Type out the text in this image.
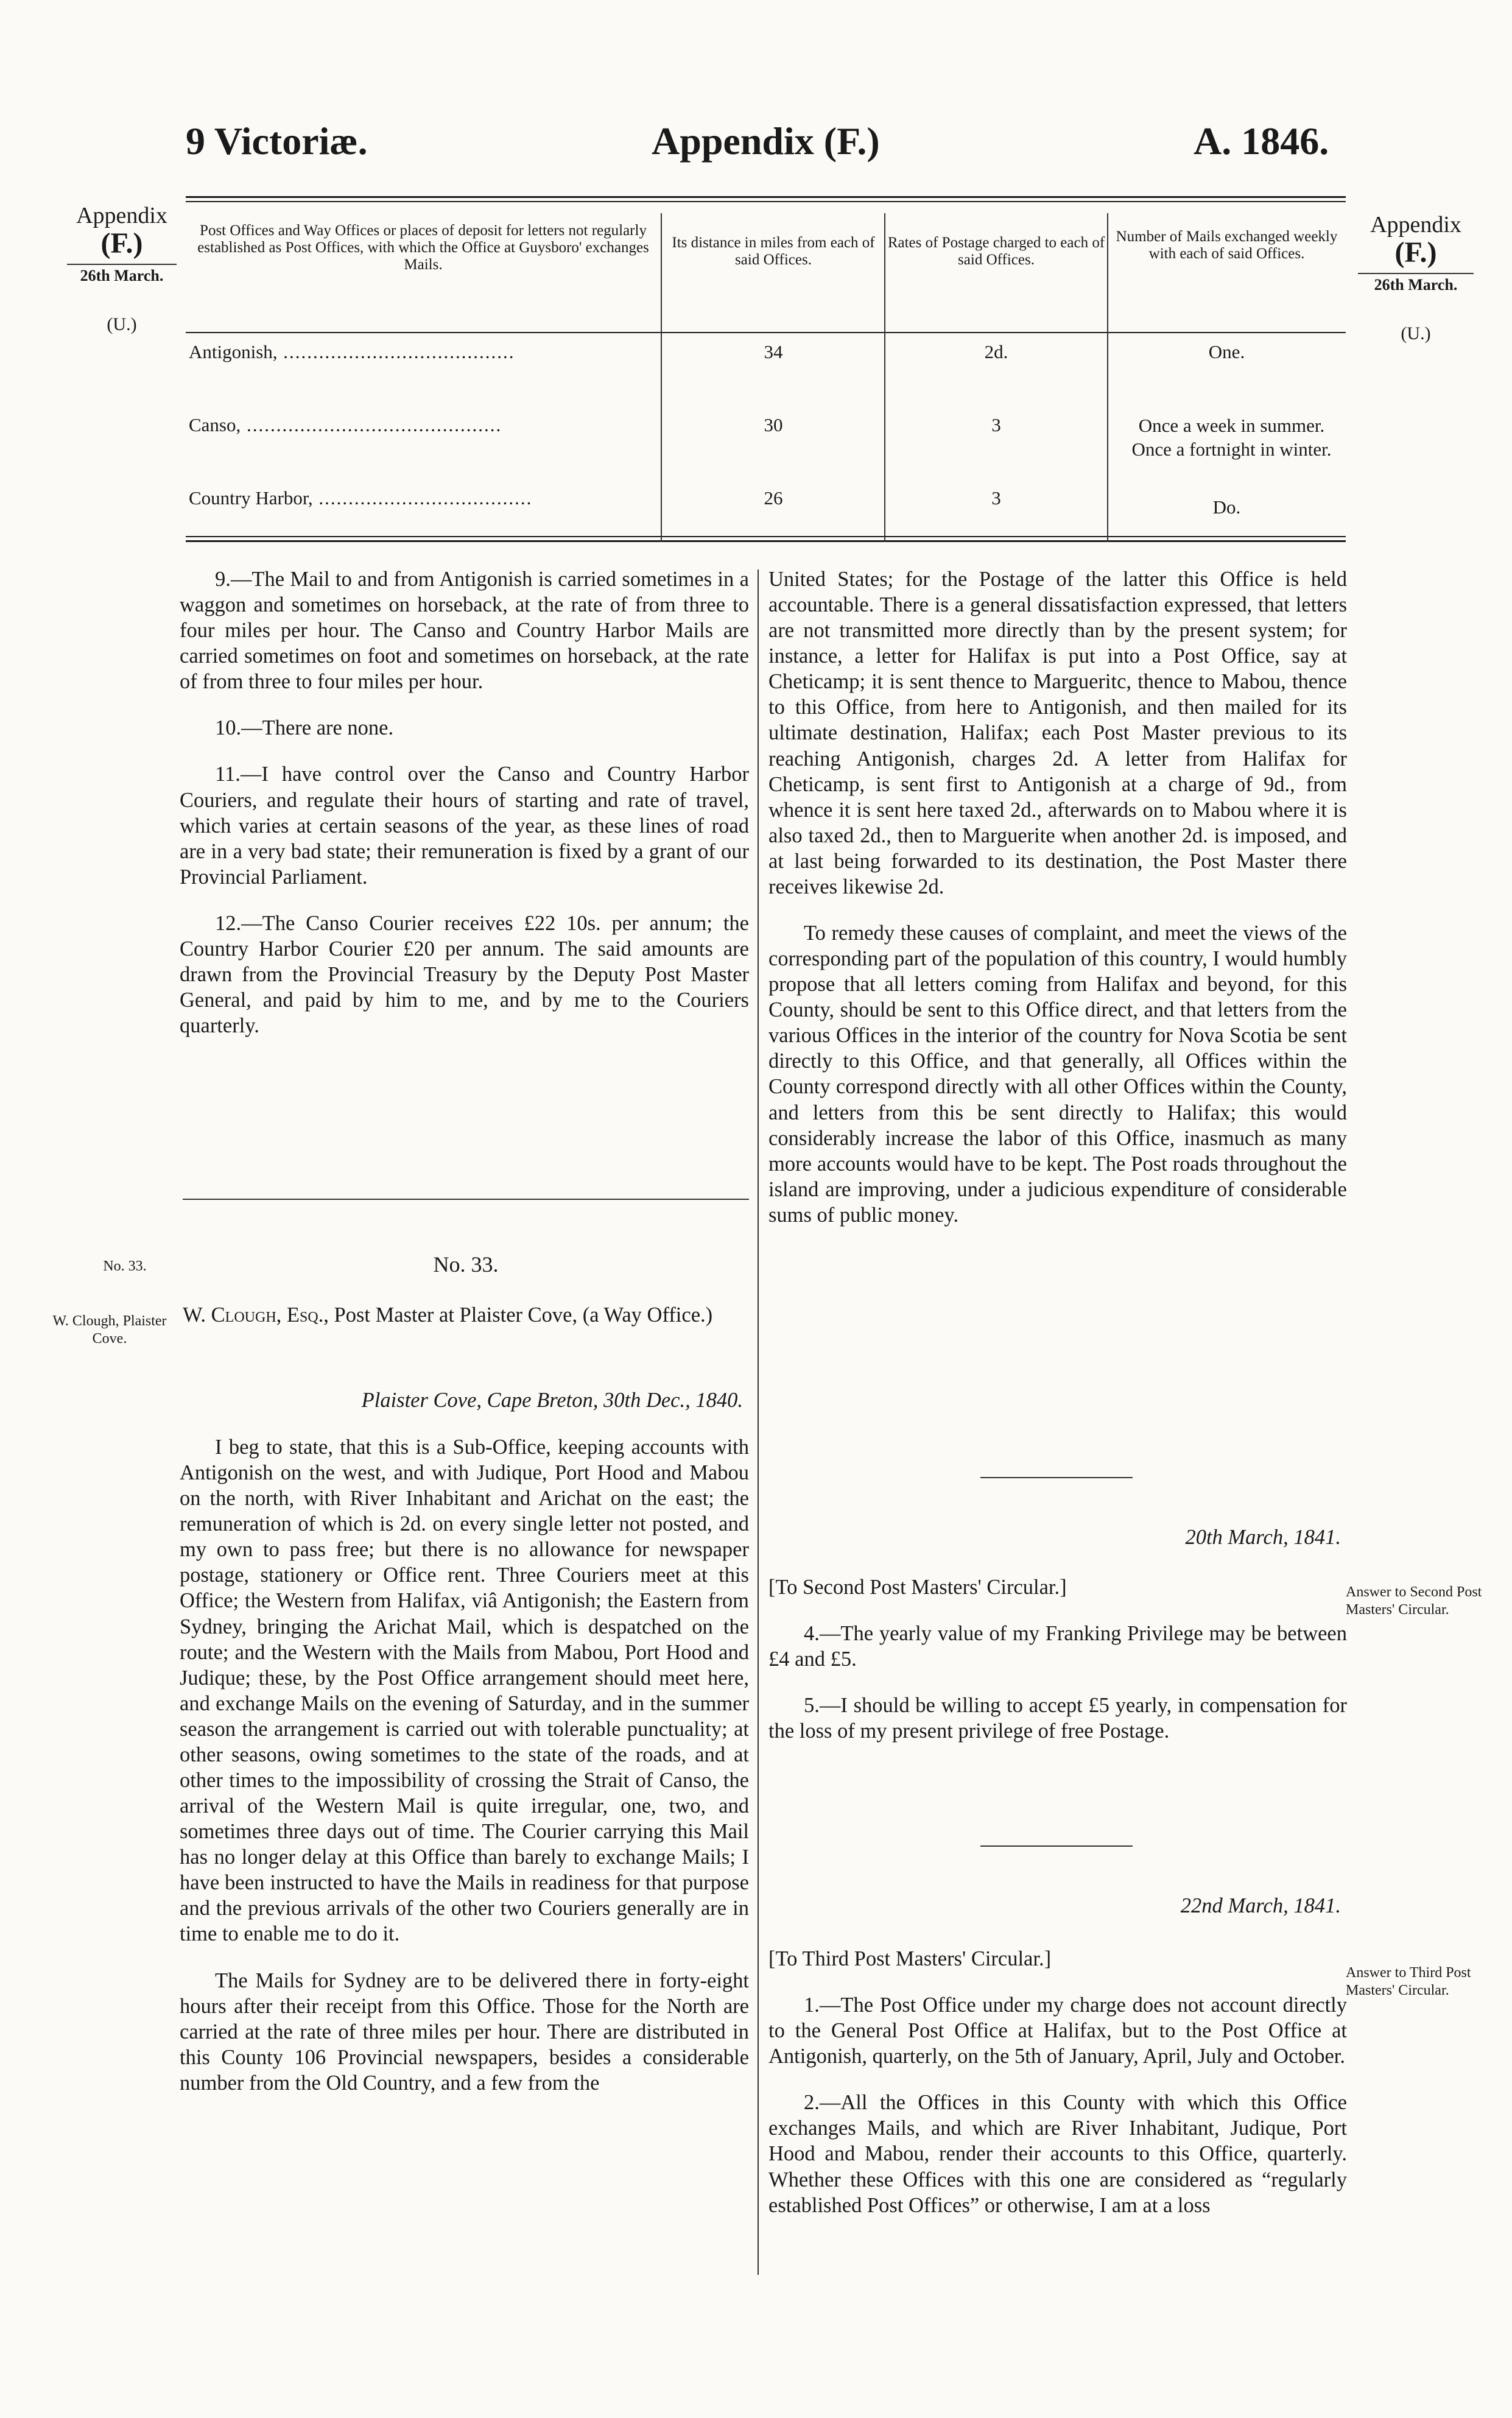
9 Victoriæ.	Appendix (F.)	A. 1846.
Appendix
(F.)
26th March.
(U.)
Appendix
(F.)
26th March.
(U.)
Post Offices and Way Offices or places of deposit for letters not regularly established as Post Offices, with which the Office at Guysboro' exchanges Mails.
Its distance in miles from each of said Offices.
Rates of Postage charged to each of said Offices.
Number of Mails exchanged weekly with each of said Offices.
Antigonish, .......................................	34	2d.	One.
Canso, ...........................................	30	3	Once a week in summer. Once a fortnight in winter.
Country Harbor, ....................................	26	3	Do.

9.—The Mail to and from Antigonish is carried sometimes in a waggon and sometimes on horseback, at the rate of from three to four miles per hour. The Canso and Country Harbor Mails are carried sometimes on foot and sometimes on horseback, at the rate of from three to four miles per hour.

10.—There are none.

11.—I have control over the Canso and Country Harbor Couriers, and regulate their hours of starting and rate of travel, which varies at certain seasons of the year, as these lines of road are in a very bad state; their remuneration is fixed by a grant of our Provincial Parliament.

12.—The Canso Courier receives £22 10s. per annum; the Country Harbor Courier £20 per annum. The said amounts are drawn from the Provincial Treasury by the Deputy Post Master General, and paid by him to me, and by me to the Couriers quarterly.

No. 33.
W. Clough, Esq., Post Master at Plaister Cove, (a Way Office.)
Plaister Cove, Cape Breton, 30th Dec., 1840.

I beg to state, that this is a Sub-Office, keeping accounts with Antigonish on the west, and with Judique, Port Hood and Mabou on the north, with River Inhabitant and Arichat on the east; the remuneration of which is 2d. on every single letter not posted, and my own to pass free; but there is no allowance for newspaper postage, stationery or Office rent. Three Couriers meet at this Office; the Western from Halifax, viâ Antigonish; the Eastern from Sydney, bringing the Arichat Mail, which is despatched on the route; and the Western with the Mails from Mabou, Port Hood and Judique; these, by the Post Office arrangement should meet here, and exchange Mails on the evening of Saturday, and in the summer season the arrangement is carried out with tolerable punctuality; at other seasons, owing sometimes to the state of the roads, and at other times to the impossibility of crossing the Strait of Canso, the arrival of the Western Mail is quite irregular, one, two, and sometimes three days out of time. The Courier carrying this Mail has no longer delay at this Office than barely to exchange Mails; I have been instructed to have the Mails in readiness for that purpose and the previous arrivals of the other two Couriers generally are in time to enable me to do it.

The Mails for Sydney are to be delivered there in forty-eight hours after their receipt from this Office. Those for the North are carried at the rate of three miles per hour. There are distributed in this County 106 Provincial newspapers, besides a considerable number from the Old Country, and a few from the

United States; for the Postage of the latter this Office is held accountable. There is a general dissatisfaction expressed, that letters are not transmitted more directly than by the present system; for instance, a letter for Halifax is put into a Post Office, say at Cheticamp; it is sent thence to Margueritc, thence to Mabou, thence to this Office, from here to Antigonish, and then mailed for its ultimate destination, Halifax; each Post Master previous to its reaching Antigonish, charges 2d. A letter from Halifax for Cheticamp, is sent first to Antigonish at a charge of 9d., from whence it is sent here taxed 2d., afterwards on to Mabou where it is also taxed 2d., then to Marguerite when another 2d. is imposed, and at last being forwarded to its destination, the Post Master there receives likewise 2d.

To remedy these causes of complaint, and meet the views of the corresponding part of the population of this country, I would humbly propose that all letters coming from Halifax and beyond, for this County, should be sent to this Office direct, and that letters from the various Offices in the interior of the country for Nova Scotia be sent directly to this Office, and that generally, all Offices within the County correspond directly with all other Offices within the County, and letters from this be sent directly to Halifax; this would considerably increase the labor of this Office, inasmuch as many more accounts would have to be kept. The Post roads throughout the island are improving, under a judicious expenditure of considerable sums of public money.

20th March, 1841.

[To Second Post Masters' Circular.]

4.—The yearly value of my Franking Privilege may be between £4 and £5.

5.—I should be willing to accept £5 yearly, in compensation for the loss of my present privilege of free Postage.

22nd March, 1841.

[To Third Post Masters' Circular.]

1.—The Post Office under my charge does not account directly to the General Post Office at Halifax, but to the Post Office at Antigonish, quarterly, on the 5th of January, April, July and October.

2.—All the Offices in this County with which this Office exchanges Mails, and which are River Inhabitant, Judique, Port Hood and Mabou, render their accounts to this Office, quarterly. Whether these Offices with this one are considered as “regularly established Post Offices” or otherwise, I am at a loss

No. 33.
W. Clough, Plaister Cove.
Answer to Second Post Masters' Circular.
Answer to Third Post Masters' Circular.
